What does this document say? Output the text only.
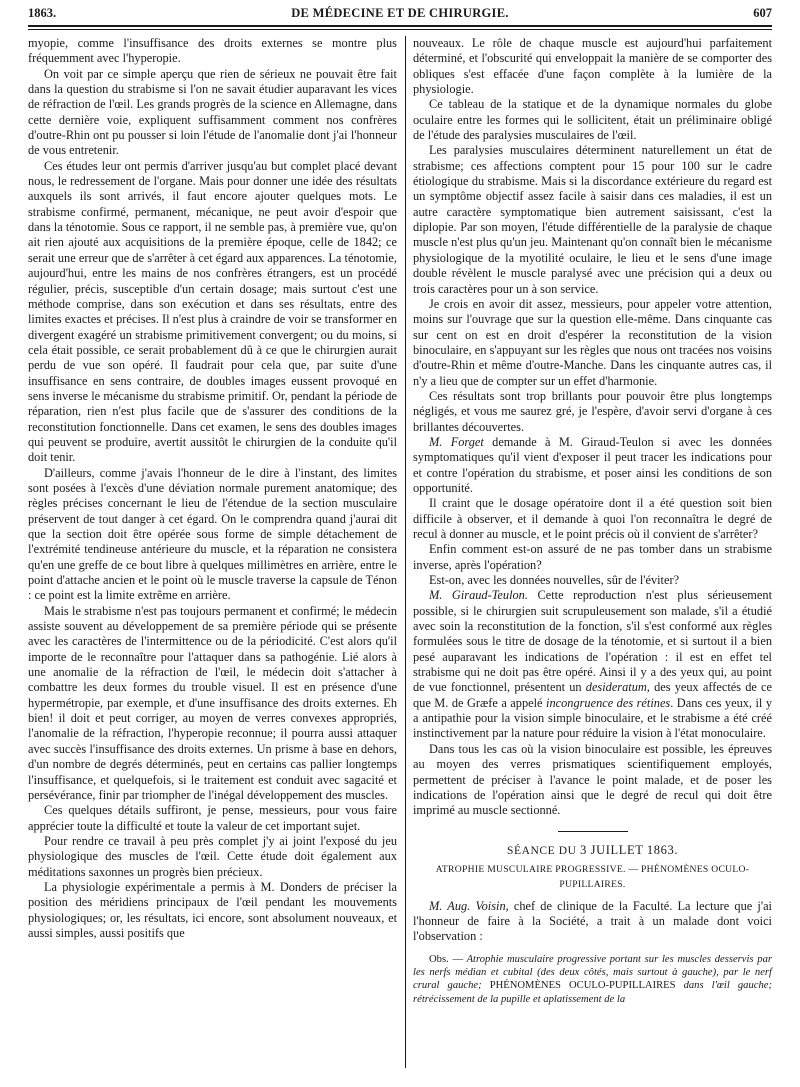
1863.	DE MÉDECINE ET DE CHIRURGIE.	607

myopie, comme l'insuffisance des droits externes se montre plus fréquemment avec l'hyperopie.

On voit par ce simple aperçu que rien de sérieux ne pouvait être fait dans la question du strabisme si l'on ne savait étudier auparavant les vices de réfraction de l'œil. Les grands progrès de la science en Allemagne, dans cette dernière voie, expliquent suffisamment comment nos confrères d'outre-Rhin ont pu pousser si loin l'étude de l'anomalie dont j'ai l'honneur de vous entretenir.

Ces études leur ont permis d'arriver jusqu'au but complet placé devant nous, le redressement de l'organe. Mais pour donner une idée des résultats auxquels ils sont arrivés, il faut encore ajouter quelques mots. Le strabisme confirmé, permanent, mécanique, ne peut avoir d'espoir que dans la ténotomie. Sous ce rapport, il ne semble pas, à première vue, qu'on ait rien ajouté aux acquisitions de la première époque, celle de 1842; ce serait une erreur que de s'arrêter à cet égard aux apparences. La ténotomie, aujourd'hui, entre les mains de nos confrères étrangers, est un procédé régulier, précis, susceptible d'un certain dosage; mais surtout c'est une méthode comprise, dans son exécution et dans ses résultats, entre des limites exactes et précises. Il n'est plus à craindre de voir se transformer en divergent exagéré un strabisme primitivement convergent; ou du moins, si cela était possible, ce serait probablement dû à ce que le chirurgien aurait perdu de vue son opéré. Il faudrait pour cela que, par suite d'une insuffisance en sens contraire, de doubles images eussent provoqué en sens inverse le mécanisme du strabisme primitif. Or, pendant la période de réparation, rien n'est plus facile que de s'assurer des conditions de la reconstitution fonctionnelle. Dans cet examen, le sens des doubles images qui peuvent se produire, avertit aussitôt le chirurgien de la conduite qu'il doit tenir.

D'ailleurs, comme j'avais l'honneur de le dire à l'instant, des limites sont posées à l'excès d'une déviation normale purement anatomique; des règles précises concernant le lieu de l'étendue de la section musculaire préservent de tout danger à cet égard. On le comprendra quand j'aurai dit que la section doit être opérée sous forme de simple détachement de l'extrémité tendineuse antérieure du muscle, et la réparation ne consistera qu'en une greffe de ce bout libre à quelques millimètres en arrière, entre le point d'attache ancien et le point où le muscle traverse la capsule de Ténon : ce point est la limite extrême en arrière.

Mais le strabisme n'est pas toujours permanent et confirmé; le médecin assiste souvent au développement de sa première période qui se présente avec les caractères de l'intermittence ou de la périodicité. C'est alors qu'il importe de le reconnaître pour l'attaquer dans sa pathogénie. Lié alors à une anomalie de la réfraction de l'œil, le médecin doit s'attacher à combattre les deux formes du trouble visuel. Il est en présence d'une hypermétropie, par exemple, et d'une insuffisance des droits externes. Eh bien! il doit et peut corriger, au moyen de verres convexes appropriés, l'anomalie de la réfraction, l'hyperopie reconnue; il pourra aussi attaquer avec succès l'insuffisance des droits externes. Un prisme à base en dehors, d'un nombre de degrés déterminés, peut en certains cas pallier longtemps l'insuffisance, et quelquefois, si le traitement est conduit avec sagacité et persévérance, finir par triompher de l'inégal développement des muscles.

Ces quelques détails suffiront, je pense, messieurs, pour vous faire apprécier toute la difficulté et toute la valeur de cet important sujet.

Pour rendre ce travail à peu près complet j'y ai joint l'exposé du jeu physiologique des muscles de l'œil. Cette étude doit également aux méditations saxonnes un progrès bien précieux.

La physiologie expérimentale a permis à M. Donders de préciser la position des méridiens principaux de l'œil pendant les mouvements physiologiques; or, les résultats, ici encore, sont absolument nouveaux, et aussi simples, aussi positifs que

nouveaux. Le rôle de chaque muscle est aujourd'hui parfaitement déterminé, et l'obscurité qui enveloppait la manière de se comporter des obliques s'est effacée d'une façon complète à la lumière de la physiologie.

Ce tableau de la statique et de la dynamique normales du globe oculaire entre les formes qui le sollicitent, était un préliminaire obligé de l'étude des paralysies musculaires de l'œil.

Les paralysies musculaires déterminent naturellement un état de strabisme; ces affections comptent pour 15 pour 100 sur le cadre étiologique du strabisme. Mais si la discordance extérieure du regard est un symptôme objectif assez facile à saisir dans ces maladies, il est un autre caractère symptomatique bien autrement saisissant, c'est la diplopie. Par son moyen, l'étude différentielle de la paralysie de chaque muscle n'est plus qu'un jeu. Maintenant qu'on connaît bien le mécanisme physiologique de la myotilité oculaire, le lieu et le sens d'une image double révèlent le muscle paralysé avec une précision qui a deux ou trois caractères pour un à son service.

Je crois en avoir dit assez, messieurs, pour appeler votre attention, moins sur l'ouvrage que sur la question elle-même. Dans cinquante cas sur cent on est en droit d'espérer la reconstitution de la vision binoculaire, en s'appuyant sur les règles que nous ont tracées nos voisins d'outre-Rhin et même d'outre-Manche. Dans les cinquante autres cas, il n'y a lieu que de compter sur un effet d'harmonie.

Ces résultats sont trop brillants pour pouvoir être plus longtemps négligés, et vous me saurez gré, je l'espère, d'avoir servi d'organe à ces brillantes découvertes.

M. Forget demande à M. Giraud-Teulon si avec les données symptomatiques qu'il vient d'exposer il peut tracer les indications pour et contre l'opération du strabisme, et poser ainsi les conditions de son opportunité.

Il craint que le dosage opératoire dont il a été question soit bien difficile à observer, et il demande à quoi l'on reconnaîtra le degré de recul à donner au muscle, et le point précis où il convient de s'arrêter?

Enfin comment est-on assuré de ne pas tomber dans un strabisme inverse, après l'opération?

Est-on, avec les données nouvelles, sûr de l'éviter?

M. Giraud-Teulon. Cette reproduction n'est plus sérieusement possible, si le chirurgien suit scrupuleusement son malade, s'il a étudié avec soin la reconstitution de la fonction, s'il s'est conformé aux règles formulées sous le titre de dosage de la ténotomie, et si surtout il a bien pesé auparavant les indications de l'opération : il est en effet tel strabisme qui ne doit pas être opéré. Ainsi il y a des yeux qui, au point de vue fonctionnel, présentent un desideratum, des yeux affectés de ce que M. de Græfe a appelé incongruence des rétines. Dans ces yeux, il y a antipathie pour la vision simple binoculaire, et le strabisme a été créé instinctivement par la nature pour réduire la vision à l'état monoculaire.

Dans tous les cas où la vision binoculaire est possible, les épreuves au moyen des verres prismatiques scientifiquement employés, permettent de préciser à l'avance le point malade, et de poser les indications de l'opération ainsi que le degré de recul qui doit être imprimé au muscle sectionné.

SÉANCE DU 3 JUILLET 1863.
ATROPHIE MUSCULAIRE PROGRESSIVE. — PHÉNOMÈNES OCULO-PUPILLAIRES.

M. Aug. Voisin, chef de clinique de la Faculté. La lecture que j'ai l'honneur de faire à la Société, a trait à un malade dont voici l'observation :

Obs. — Atrophie musculaire progressive portant sur les muscles desservis par les nerfs médian et cubital (des deux côtés, mais surtout à gauche), par le nerf crural gauche; PHÉNOMÈNES OCULO-PUPILLAIRES dans l'œil gauche; rétrécissement de la pupille et aplatissement de la
